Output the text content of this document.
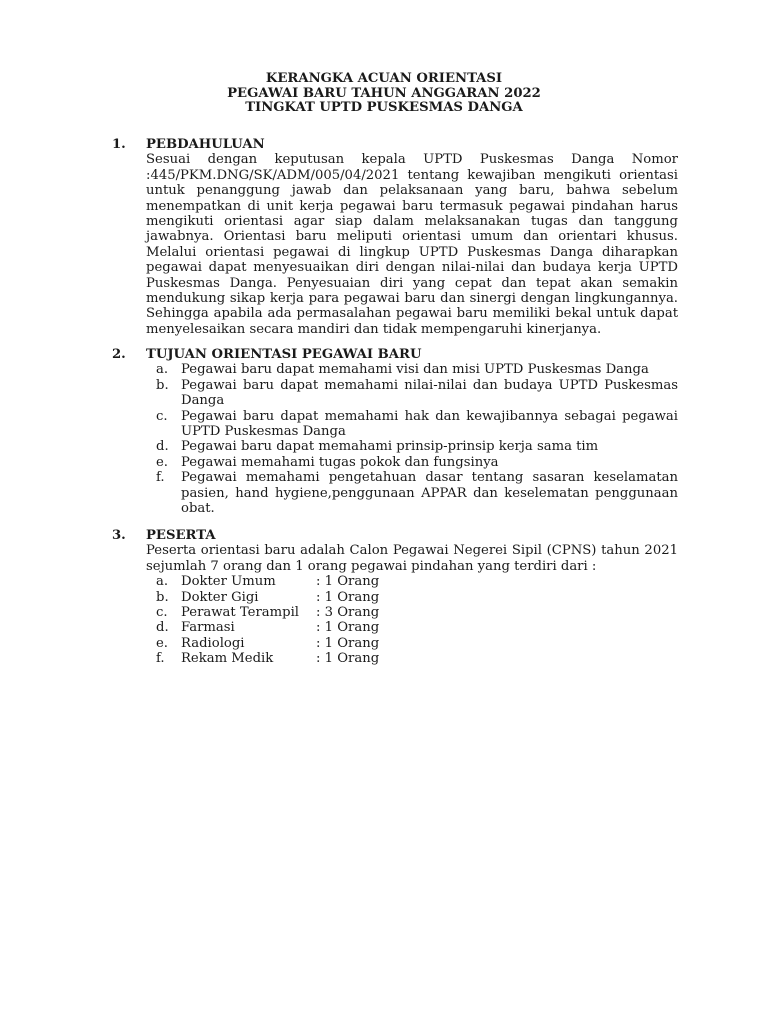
KERANGKA ACUAN ORIENTASI
PEGAWAI BARU TAHUN ANGGARAN 2022
TINGKAT UPTD PUSKESMAS DANGA
1.	PEBDAHULUAN

Sesuai dengan keputusan kepala UPTD Puskesmas Danga Nomor :445/PKM.DNG/SK/ADM/005/04/2021 tentang kewajiban mengikuti orientasi untuk penanggung jawab dan pelaksanaan yang baru, bahwa sebelum menempatkan di unit kerja pegawai baru termasuk pegawai pindahan harus mengikuti orientasi agar siap dalam melaksanakan tugas dan tanggung jawabnya. Orientasi baru meliputi orientasi umum dan orientari khusus. Melalui orientasi pegawai di lingkup UPTD Puskesmas Danga diharapkan pegawai dapat menyesuaikan diri dengan nilai-nilai dan budaya kerja UPTD Puskesmas Danga. Penyesuaian diri yang cepat dan tepat akan semakin mendukung sikap kerja para pegawai baru dan sinergi dengan lingkungannya. Sehingga apabila ada permasalahan pegawai baru memiliki bekal untuk dapat menyelesaikan secara mandiri dan tidak mempengaruhi kinerjanya.

2.	TUJUAN ORIENTASI PEGAWAI BARU
a. Pegawai baru dapat memahami visi dan misi UPTD Puskesmas Danga
b. Pegawai baru dapat memahami nilai-nilai dan budaya UPTD Puskesmas Danga
c.	Pegawai baru dapat memahami hak dan kewajibannya sebagai pegawai UPTD Puskesmas Danga
d. Pegawai baru dapat memahami prinsip-prinsip kerja sama tim
e. Pegawai memahami tugas pokok dan fungsinya
f.	Pegawai memahami pengetahuan dasar tentang sasaran keselamatan pasien, hand hygiene,penggunaan APPAR dan keselematan penggunaan obat.
3.	PESERTA

Peserta orientasi baru adalah Calon Pegawai Negerei Sipil (CPNS) tahun 2021 sejumlah 7 orang dan 1 orang pegawai pindahan yang terdiri dari :

a. Dokter Umum	: 1 Orang
b. Dokter Gigi	: 1 Orang
c.	Perawat Terampil	: 3 Orang
d. Farmasi	: 1 Orang
e. Radiologi	: 1 Orang
f.	Rekam Medik	: 1 Orang
